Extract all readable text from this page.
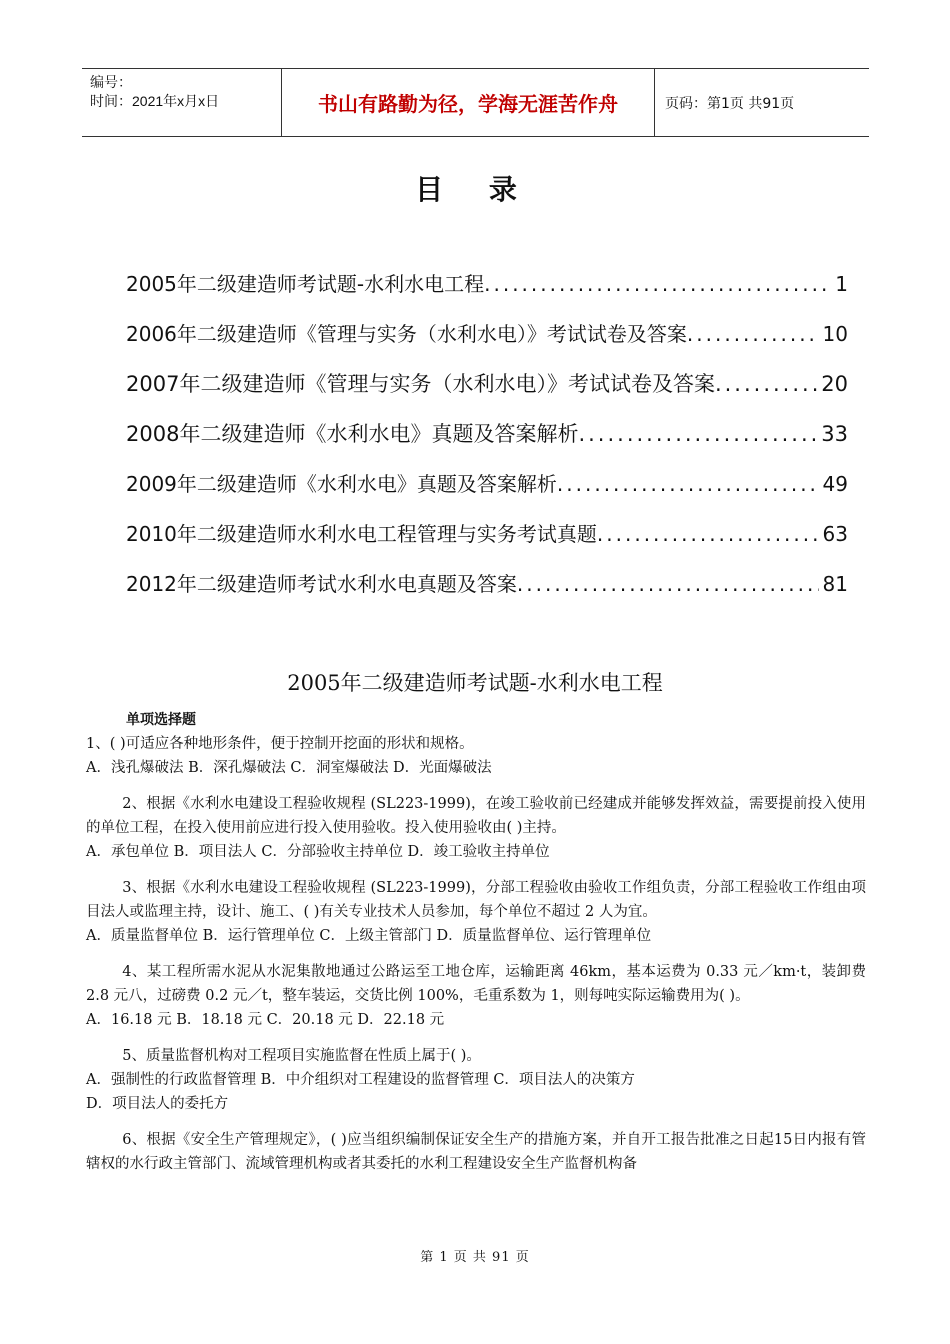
编号：
时间：2021年x月x日	书山有路勤为径，学海无涯苦作舟	页码：第1页 共91页
目 录
2005年二级建造师考试题-水利水电工程 .....	1
2006年二级建造师《管理与实务（水利水电）》考试试卷及答案 .....	10
2007年二级建造师《管理与实务（水利水电）》考试试卷及答案 .....	20
2008年二级建造师《水利水电》真题及答案解析 .....	33
2009年二级建造师《水利水电》真题及答案解析 .....	49
2010年二级建造师水利水电工程管理与实务考试真题 .....	63
2012年二级建造师考试水利水电真题及答案 .....	81
2005年二级建造师考试题-水利水电工程
单项选择题

1、( )可适应各种地形条件，便于控制开挖面的形状和规格。

A．浅孔爆破法 B．深孔爆破法 C．洞室爆破法 D．光面爆破法

2、根据《水利水电建设工程验收规程 (SL223-1999)，在竣工验收前已经建成并能够发挥效益，需要提前投入使用的单位工程，在投入使用前应进行投入使用验收。投入使用验收由( )主持。

A．承包单位 B．项目法人 C．分部验收主持单位 D．竣工验收主持单位

3、根据《水利水电建设工程验收规程 (SL223-1999)，分部工程验收由验收工作组负责，分部工程验收工作组由项目法人或监理主持，设计、施工、( )有关专业技术人员参加，每个单位不超过 2 人为宜。

A．质量监督单位 B．运行管理单位 C．上级主管部门 D．质量监督单位、运行管理单位

4、某工程所需水泥从水泥集散地通过公路运至工地仓库，运输距离 46km，基本运费为 0.33 元／km·t，装卸费 2.8 元八，过磅费 0.2 元／t，整车装运，交货比例 100%，毛重系数为 1，则每吨实际运输费用为( )。

A．16.18 元 B．18.18 元 C．20.18 元 D．22.18 元

5、质量监督机构对工程项目实施监督在性质上属于( )。

A．强制性的行政监督管理 B．中介组织对工程建设的监督管理 C．项目法人的决策方

D．项目法人的委托方

6、根据《安全生产管理规定》，( )应当组织编制保证安全生产的措施方案，并自开工报告批准之日起15日内报有管辖权的水行政主管部门、流域管理机构或者其委托的水利工程建设安全生产监督机构备

第 1 页 共 91 页
